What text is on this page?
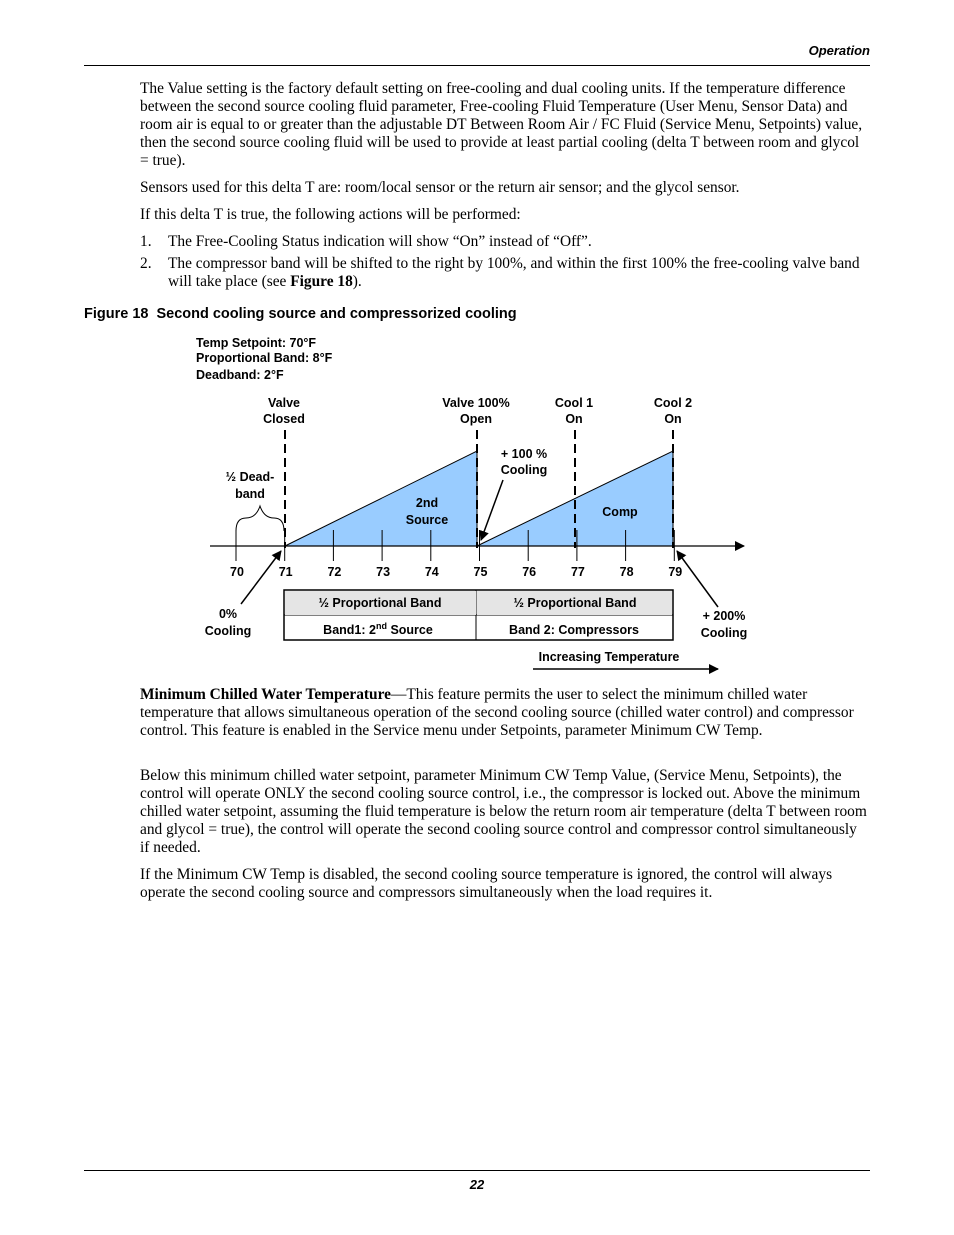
Operation

The Value setting is the factory default setting on free-cooling and dual cooling units. If the temperature difference between the second source cooling fluid parameter, Free-cooling Fluid Temperature (User Menu, Sensor Data) and room air is equal to or greater than the adjustable DT Between Room Air / FC Fluid (Service Menu, Setpoints) value, then the second source cooling fluid will be used to provide at least partial cooling (delta T between room and glycol = true).

Sensors used for this delta T are: room/local sensor or the return air sensor; and the glycol sensor.

If this delta T is true, the following actions will be performed:

1. The Free-Cooling Status indication will show “On” instead of “Off”.
2. The compressor band will be shifted to the right by 100%, and within the first 100% the free-cooling valve band will take place (see Figure 18).
Figure 18 Second cooling source and compressorized cooling
Temp Setpoint: 70°F
Proportional Band: 8°F
Deadband: 2°F
Valve
Closed
Valve 100%
Open
Cool 1
On
Cool 2
On
70	71	72	73	74	75	76	77	78	79
½ Dead-
band
+ 100 %
Cooling
2nd
Source
Comp
0%
Cooling
+ 200%
Cooling
½ Proportional Band	½ Proportional Band
Band1: 2nd Source	Band 2: Compressors
Increasing Temperature

Minimum Chilled Water Temperature—This feature permits the user to select the minimum chilled water temperature that allows simultaneous operation of the second cooling source (chilled water control) and compressor control. This feature is enabled in the Service menu under Setpoints, parameter Minimum CW Temp.

Below this minimum chilled water setpoint, parameter Minimum CW Temp Value, (Service Menu, Setpoints), the control will operate ONLY the second cooling source control, i.e., the compressor is locked out. Above the minimum chilled water setpoint, assuming the fluid temperature is below the return room air temperature (delta T between room and glycol = true), the control will operate the second cooling source control and compressor control simultaneously if needed.

If the Minimum CW Temp is disabled, the second cooling source temperature is ignored, the control will always operate the second cooling source and compressors simultaneously when the load requires it.

22
